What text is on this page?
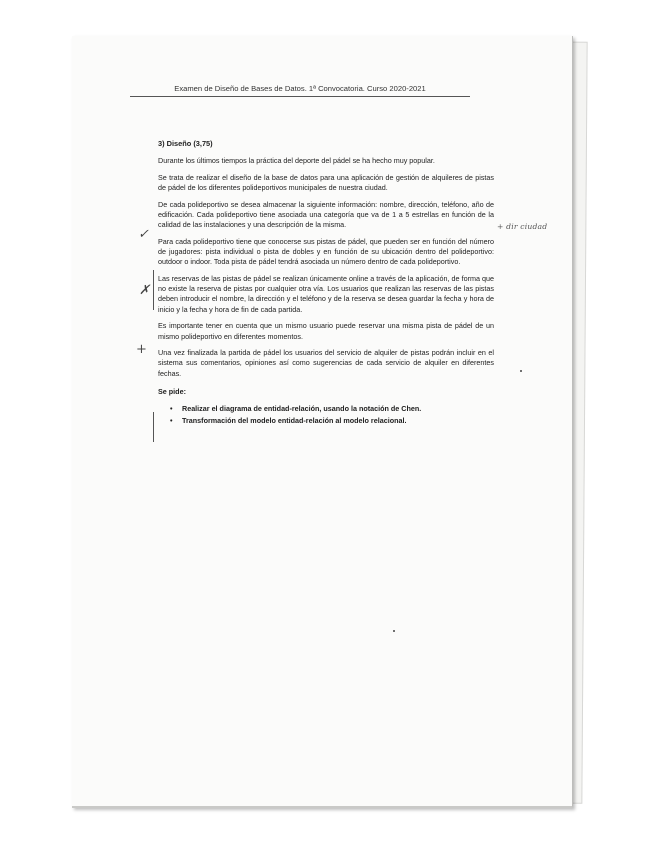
Examen de Diseño de Bases de Datos. 1ª Convocatoria. Curso 2020-2021

3) Diseño (3,75)

Durante los últimos tiempos la práctica del deporte del pádel se ha hecho muy popular.

Se trata de realizar el diseño de la base de datos para una aplicación de gestión de alquileres de pistas de pádel de los diferentes polideportivos municipales de nuestra ciudad.

De cada polideportivo se desea almacenar la siguiente información: nombre, dirección, teléfono, año de edificación. Cada polideportivo tiene asociada una categoría que va de 1 a 5 estrellas en función de la calidad de las instalaciones y una descripción de la misma.

Para cada polideportivo tiene que conocerse sus pistas de pádel, que pueden ser en función del número de jugadores: pista individual o pista de dobles y en función de su ubicación dentro del polideportivo: outdoor o indoor. Toda pista de pádel tendrá asociada un número dentro de cada polideportivo.

Las reservas de las pistas de pádel se realizan únicamente online a través de la aplicación, de forma que no existe la reserva de pistas por cualquier otra vía. Los usuarios que realizan las reservas de las pistas deben introducir el nombre, la dirección y el teléfono y de la reserva se desea guardar la fecha y hora de inicio y la fecha y hora de fin de cada partida.

Es importante tener en cuenta que un mismo usuario puede reservar una misma pista de pádel de un mismo polideportivo en diferentes momentos.

Una vez finalizada la partida de pádel los usuarios del servicio de alquiler de pistas podrán incluir en el sistema sus comentarios, opiniones así como sugerencias de cada servicio de alquiler en diferentes fechas.

Se pide:

• Realizar el diagrama de entidad-relación, usando la notación de Chen.
• Transformación del modelo entidad-relación al modelo relacional.
✓
✗
+
+ dir ciudad
